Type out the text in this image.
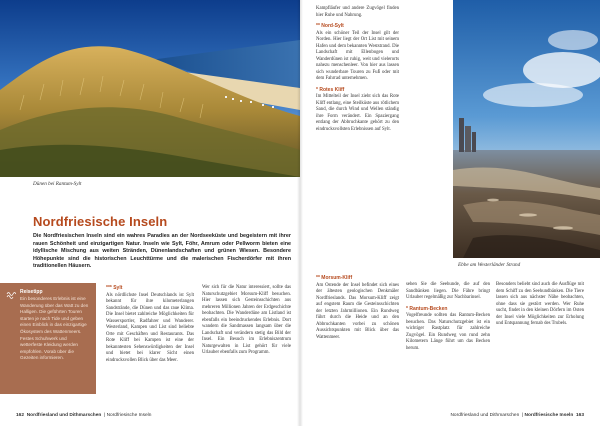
Dünen bei Rantum-Sylt
Nordfriesische Inseln
Die Nordfriesischen Inseln sind ein wahres Paradies an der Nordseeküste und begeistern mit ihrer rauen Schönheit und einzigartigen Natur. Inseln wie Sylt, Föhr, Amrum oder Pellworm bieten eine idyllische Mischung aus weiten Stränden, Dünenlandschaften und grünen Wiesen. Besondere Höhepunkte sind die historischen Leuchttürme und die malerischen Fischerdörfer mit ihren traditionellen Häusern.
Reisetipp
Ein besonderes Erlebnis ist eine Wanderung über das Watt zu den Halligen. Die geführten Touren starten je nach Tide und geben einen Einblick in das einzigartige Ökosystem des Wattenmeers. Festes Schuhwerk und wetterfeste Kleidung werden empfohlen. Vorab über die Gezeiten informieren.
*** Sylt
Als nördlichste Insel Deutschlands ist Sylt bekannt für ihre kilometerlangen Sandstrände, die Dünen und das raue Klima. Die Insel bietet zahlreiche Möglichkeiten für Wassersportler, Radfahrer und Wanderer. Westerland, Kampen und List sind beliebte Orte mit Geschäften und Restaurants. Das Rote Kliff bei Kampen ist eine der bekanntesten Sehenswürdigkeiten der Insel und bietet bei klarer Sicht einen eindrucksvollen Blick über das Meer.
Wer sich für die Natur interessiert, sollte das Naturschutzgebiet Morsum-Kliff besuchen. Hier lassen sich Gesteinsschichten aus mehreren Millionen Jahren der Erdgeschichte beobachten. Die Wanderdüne am Listland ist ebenfalls ein beeindruckendes Erlebnis. Dort wandern die Sandmassen langsam über die Landschaft und verändern stetig das Bild der Insel. Ein Besuch im Erlebniszentrum Naturgewalten in List gehört für viele Urlauber ebenfalls zum Programm.
162 Nordfriesland und Dithmarschen  | Nordfriesische Inseln
Kampfläufer und andere Zugvögel finden hier Ruhe und Nahrung.
** Nord-Sylt
Als ein schöner Teil der Insel gilt der Norden. Hier liegt der Ort List mit seinem Hafen und dem bekannten Weststrand. Die Landschaft mit Ellenbogen und Wanderdünen ist ruhig, weit und vielerorts nahezu menschenleer. Von hier aus lassen sich wunderbare Touren zu Fuß oder mit dem Fahrrad unternehmen.
* Rotes Kliff
Im Mittelteil der Insel zieht sich das Rote Kliff entlang, eine Steilküste aus rötlichem Sand, die durch Wind und Wellen ständig ihre Form verändert. Ein Spaziergang entlang der Abbruchkante gehört zu den eindrucksvollsten Erlebnissen auf Sylt.
Ebbe am Westerländer Strand
** Morsum-Kliff
Am Ostende der Insel befindet sich eines der ältesten geologischen Denkmäler Nordfrieslands. Das Morsum-Kliff zeigt auf engstem Raum die Gesteinsschichten der letzten Jahrmillionen. Ein Rundweg führt durch die Heide und an den Abbruchkanten vorbei zu schönen Aussichtspunkten mit Blick über das Wattenmeer.
sehen Sie die Seehunde, die auf den Sandbänken liegen. Die Fähre bringt Urlauber regelmäßig zur Nachbarinsel.
* Rantum-Becken
Vogelfreunde sollten das Rantum-Becken besuchen. Das Naturschutzgebiet ist ein wichtiger Rastplatz für zahlreiche Zugvögel. Ein Rundweg von rund zehn Kilometern Länge führt um das Becken herum.
Besonders beliebt sind auch die Ausflüge mit dem Schiff zu den Seehundbänken. Die Tiere lassen sich aus nächster Nähe beobachten, ohne dass sie gestört werden. Wer Ruhe sucht, findet in den kleinen Dörfern im Osten der Insel viele Möglichkeiten zur Erholung und Entspannung fernab des Trubels.
Nordfriesland und Dithmarschen  | Nordfriesische Inseln 163
